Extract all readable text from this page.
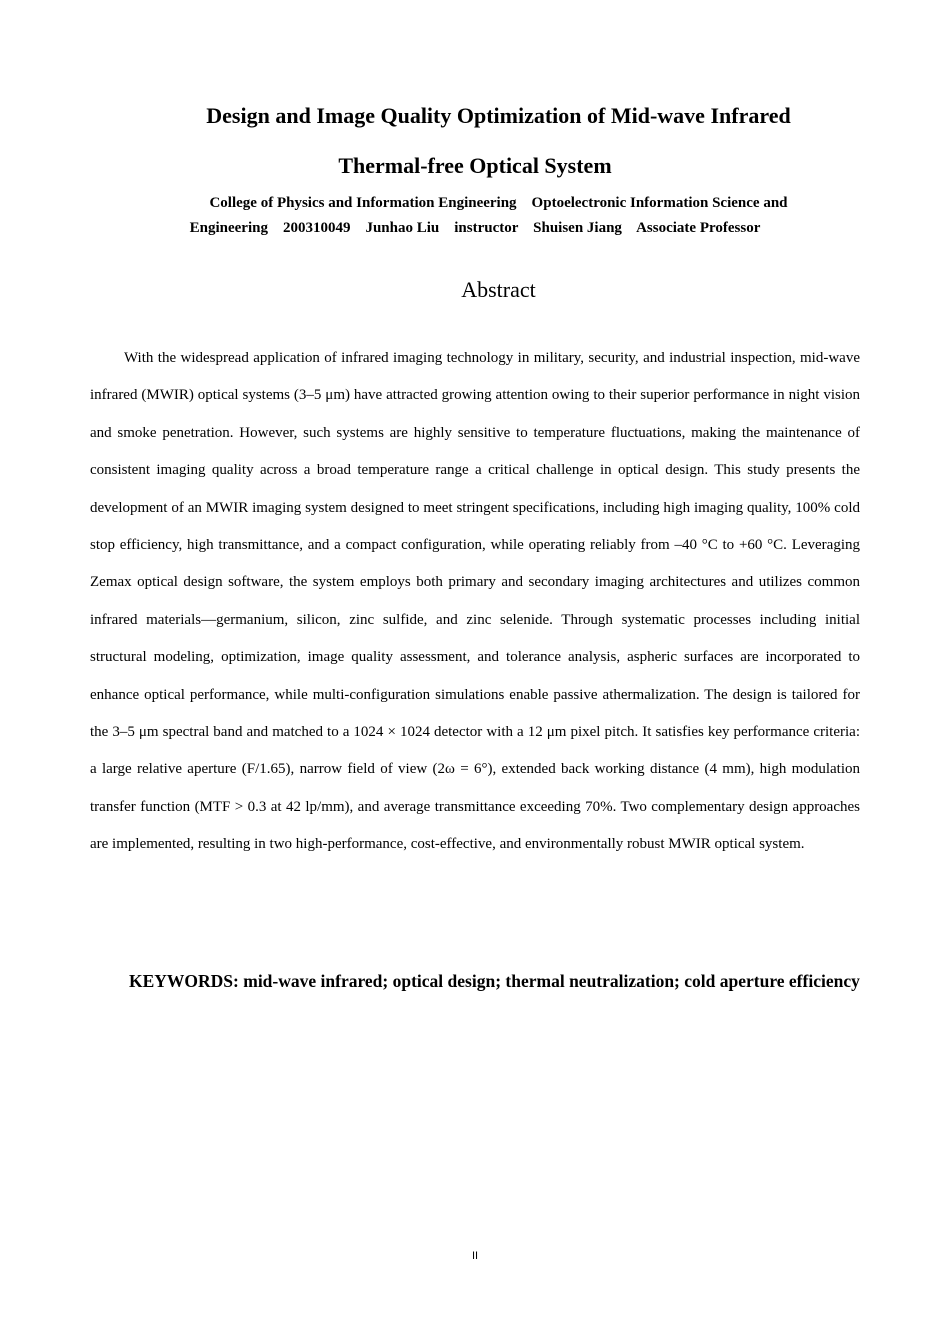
Design and Image Quality Optimization of Mid-wave Infrared
Thermal-free Optical System

College of Physics and Information Engineering    Optoelectronic Information Science and

Engineering    200310049    Junhao Liu    instructor    Shuisen Jiang    Associate Professor

Abstract

With the widespread application of infrared imaging technology in military, security, and industrial inspection, mid-wave infrared (MWIR) optical systems (3–5 μm) have attracted growing attention owing to their superior performance in night vision and smoke penetration. However, such systems are highly sensitive to temperature fluctuations, making the maintenance of consistent imaging quality across a broad temperature range a critical challenge in optical design. This study presents the development of an MWIR imaging system designed to meet stringent specifications, including high imaging quality, 100% cold stop efficiency, high transmittance, and a compact configuration, while operating reliably from –40 °C to +60 °C. Leveraging Zemax optical design software, the system employs both primary and secondary imaging architectures and utilizes common infrared materials—germanium, silicon, zinc sulfide, and zinc selenide. Through systematic processes including initial structural modeling, optimization, image quality assessment, and tolerance analysis, aspheric surfaces are incorporated to enhance optical performance, while multi-configuration simulations enable passive athermalization. The design is tailored for the 3–5 μm spectral band and matched to a 1024 × 1024 detector with a 12 μm pixel pitch. It satisfies key performance criteria: a large relative aperture (F/1.65), narrow field of view (2ω = 6°), extended back working distance (4 mm), high modulation transfer function (MTF > 0.3 at 42 lp/mm), and average transmittance exceeding 70%. Two complementary design approaches are implemented, resulting in two high-performance, cost-effective, and environmentally robust MWIR optical system.

KEYWORDS: mid-wave infrared; optical design; thermal neutralization; cold aperture efficiency

II
